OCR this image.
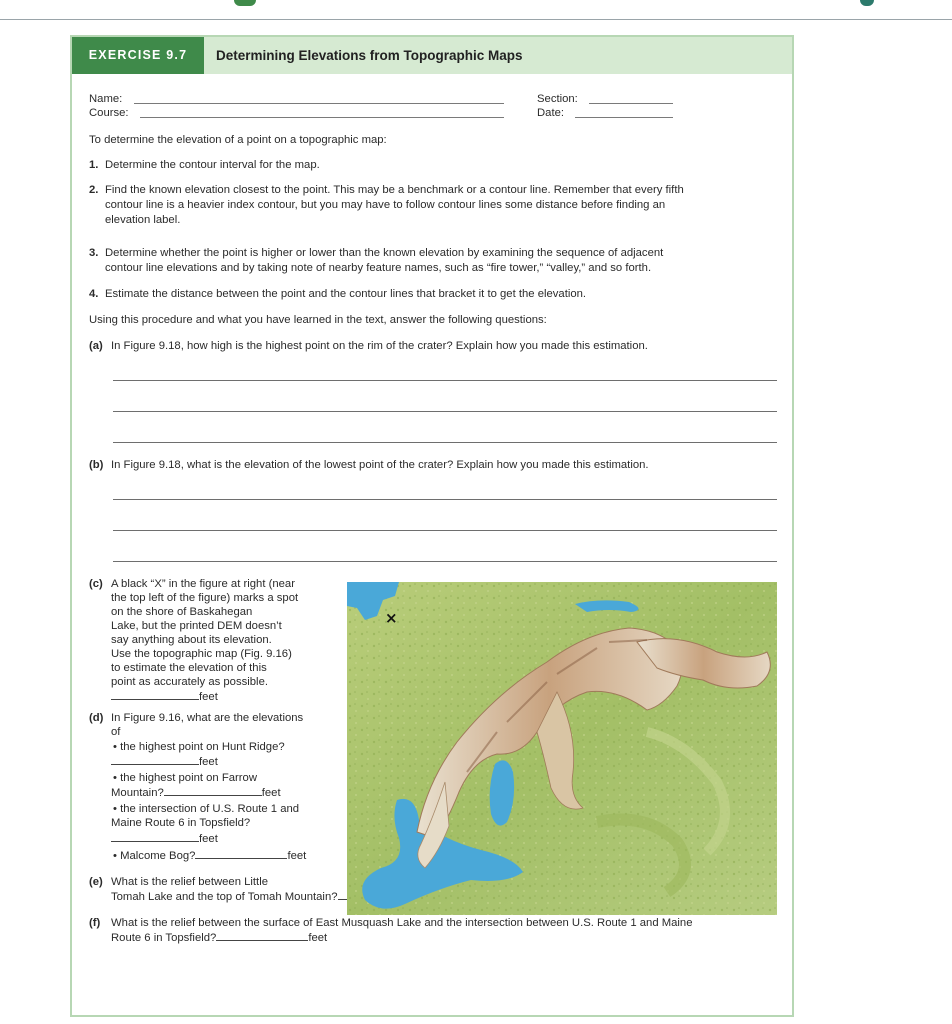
EXERCISE 9.7	Determining Elevations from Topographic Maps
Name:
Course:
Section:
Date:
To determine the elevation of a point on a topographic map:
1. Determine the contour interval for the map.
2. Find the known elevation closest to the point. This may be a benchmark or a contour line. Remember that every fifth
contour line is a heavier index contour, but you may have to follow contour lines some distance before finding an
elevation label.
3. Determine whether the point is higher or lower than the known elevation by examining the sequence of adjacent
contour line elevations and by taking note of nearby feature names, such as “fire tower,” “valley,” and so forth.
4. Estimate the distance between the point and the contour lines that bracket it to get the elevation.
Using this procedure and what you have learned in the text, answer the following questions:
(a) In Figure 9.18, how high is the highest point on the rim of the crater? Explain how you made this estimation.
(b) In Figure 9.18, what is the elevation of the lowest point of the crater? Explain how you made this estimation.
(c) A black “X” in the figure at right (near
the top left of the figure) marks a spot
on the shore of Baskahegan
Lake, but the printed DEM doesn’t
say anything about its elevation.
Use the topographic map (Fig. 9.16)
to estimate the elevation of this
point as accurately as possible.
feet
(d) In Figure 9.16, what are the elevations
of
• the highest point on Hunt Ridge?
feet
• the highest point on Farrow
Mountain?	feet
• the intersection of U.S. Route 1 and
Maine Route 6 in Topsfield?
feet
• Malcome Bog?	feet
(e) What is the relief between Little
Tomah Lake and the top of Tomah Mountain?
(f) What is the relief between the surface of East Musquash Lake and the intersection between U.S. Route 1 and Maine
Route 6 in Topsfield?	feet
×
